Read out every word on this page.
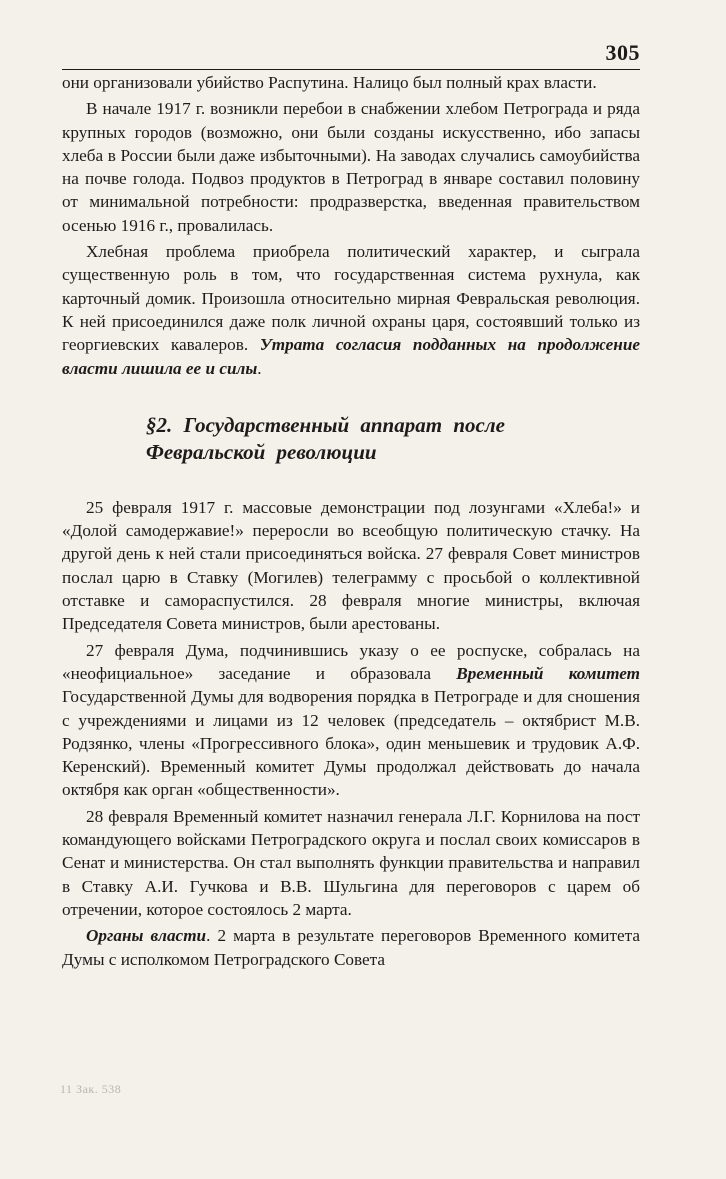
305

они организовали убийство Распутина. Налицо был полный крах власти.

В начале 1917 г. возникли перебои в снабжении хлебом Петрограда и ряда крупных городов (возможно, они были созданы искусственно, ибо запасы хлеба в России были даже избыточными). На заводах случались самоубийства на почве голода. Подвоз продуктов в Петроград в январе составил половину от минимальной потребности: продразверстка, введенная правительством осенью 1916 г., провалилась.

Хлебная проблема приобрела политический характер, и сыграла существенную роль в том, что государственная система рухнула, как карточный домик. Произошла относительно мирная Февральская революция. К ней присоединился даже полк личной охраны царя, состоявший только из георгиевских кавалеров. Утрата согласия подданных на продолжение власти лишила ее и силы.

§2. Государственный аппарат после
Февральской революции

25 февраля 1917 г. массовые демонстрации под лозунгами «Хлеба!» и «Долой самодержавие!» переросли во всеобщую политическую стачку. На другой день к ней стали присоединяться войска. 27 февраля Совет министров послал царю в Ставку (Могилев) телеграмму с просьбой о коллективной отставке и самораспустился. 28 февраля многие министры, включая Председателя Совета министров, были арестованы.

27 февраля Дума, подчинившись указу о ее роспуске, собралась на «неофициальное» заседание и образовала Временный комитет Государственной Думы для водворения порядка в Петрограде и для сношения с учреждениями и лицами из 12 человек (председатель – октябрист М.В. Родзянко, члены «Прогрессивного блока», один меньшевик и трудовик А.Ф. Керенский). Временный комитет Думы продолжал действовать до начала октября как орган «общественности».

28 февраля Временный комитет назначил генерала Л.Г. Корнилова на пост командующего войсками Петроградского округа и послал своих комиссаров в Сенат и министерства. Он стал выполнять функции правительства и направил в Ставку А.И. Гучкова и В.В. Шульгина для переговоров с царем об отречении, которое состоялось 2 марта.

Органы власти. 2 марта в результате переговоров Временного комитета Думы с исполкомом Петроградского Совета

11 Зак. 538
